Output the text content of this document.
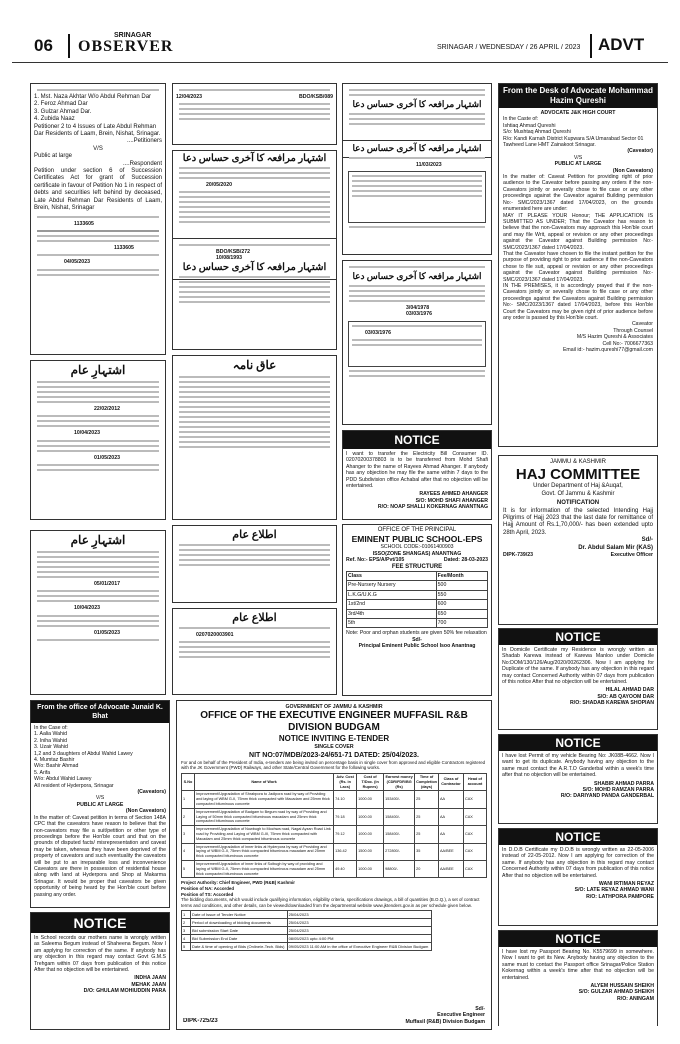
06
SRINAGAR
OBSERVER	SRINAGAR / WEDNESDAY / 26 APRIL / 2023 ADVT
1. Mst. Naza Akhtar W/o Abdul Rehman Dar
2. Feroz Ahmad Dar
3. Gulzar Ahmad Dar.
4. Zubida Naaz
Petitioner 2 to 4 Issues of Late Abdul Rehman Dar Residents of Laam, Brein, Nishat, Srinagar.
....Petitioners
V/S
Public at large
....Respondent
Petition under section 6 of Succession Certificates Act for grant of Succession certificate in favour of Petition No 1 in respect of debts and securities left behind by deceased, Late Abdul Rehman Dar Residents of Laam, Brein, Nishat, Srinagar
1133605
1133605
04/05/2023
اشتہارِ عام
22/02/2012
10/04/2023
01/05/2023
اشتہارِ عام
05/01/2017
10/04/2023
01/05/2023
12/04/2023	BDO/KSB/089
اشتہار مرافعہ کا آخری حساس دعا
20/05/2020
BDO/KSB/272
10/08/1993
اشتہار مرافعہ کا آخری حساس دعا
عاق نامہ
اطلاع عام
اطلاع عام
0207020003901
اشتہار مرافعہ کا آخری حساس دعا
اشتہار مرافعہ کا آخری حساس دعا
11/03/2023
اشتہار مرافعہ کا آخری حساس دعا
3/04/1978
03/03/1976
03/03/1976
NOTICE
I want to transfer the Electricity Bill Consumer ID. 02070200378803 is to be transferred from Mohd Shafi Ahanger to the name of Rayees Ahmad Ahanger. If anybody has any objection he may file the same within 7 days to the PDD Subdivision office Achabal after that no objection will be entertained.
RAYEES AHMED AHANGER
S/O: MOHD SHAFI AHANGER
R/O: NOAP SHALLI KOKERNAG ANANTNAG
OFFICE OF THE PRINCIPAL
EMINENT PUBLIC SCHOOL-EPS
SCHOOL CODE:-01061400903
ISSO(ZONE SHANGAS) ANANTNAG
Ref. No:- EPS/A/Pvt/105	Dated: 28-03-2023
FEE STRUCTURE
Class	Fee/Month
Pre-Nursery Nursery	500
L.K.G/U.K.G	550
1st/2nd	600
3rd/4th	650
5th	700
Note: Poor and orphan students are given 50% fee relaxation
Sd/-
Principal Eminent Public School Isoo Anantnag
From the Desk of Advocate Mohammad Hazim Qureshi
ADVOCATE J&K HIGH COURT
In the Caste of:
Ishtiaq Ahmad Qureshi
S/o: Mushtaq Ahmad Qureshi
R/o: Kandi Karnah District Kupwara S/A Umarabad Sector 01 Tawheed Lane HMT Zainakoot Srinagar.
(Caveator)
V/S
PUBLIC AT LARGE
(Non Caveators)
In the matter of: Caveat Petition for providing right of prior audience to the Caveator before passing any orders if the non-Caveators jointly or severally chose to file case or any other proceedings against the Caveator against Building permission No:- SMC/2023/1367 dated 17/04/2023, on the grounds enumerated here are under:
MAY IT PLEASE YOUR Honour; THE APPLICATION IS SUBMITTED AS UNDER; That the Caveator has reason to believe that the non-Caveators may approach this Hon'ble court and may file Writ, appeal or revision or any other proceedings against the Caveator against Building permission No:- SMC/2023/1367 dated 17/04/2023.
That the Caveator have chosen to file the instant petition for the purpose of providing right to prior audience if the non-Caveators chose to file suit, appeal or revision or any other proceedings against the Caveator against Building permission No:- SMC/2023/1367 dated 17/04/2023.
IN THE PREMISES, it is accordingly prayed that if the non-Caveators jointly or severally chose to file case or any other proceedings against the Caveators against Building permission No:- SMC/2023/1367 dated 17/04/2023, before this Hon'ble Court the Caveators may be given right of prior audience before any order is passed by this Hon'ble court.
Caveator
Through Counsel
M/S Hazim Qureshi & Associates
Cell No:- 7006677363
Email id:- hazim.qureshi77@gmail.com
JAMMU & KASHMIR
HAJ COMMITTEE
Under Department of Haj &Auqaf,
Govt. Of Jammu & Kashmir
NOTIFICATION
It is for information of the selected Intending Hajj Pilgrims of Hajj 2023 that the last date for remittance of Hajj Amount of Rs.1,70,000/- has been extended upto 28th April, 2023.
Sd/-
Dr. Abdul Salam Mir (KAS)
DIPK-739/23	Executive Officer
NOTICE
In Domicile Certificate my Residence is wrongly written as Shadab Karewa instead of Karewa Manloo under Domicile No:DOM/130/126/Aug/2020/00262306. Now I am applying for Duplicate of the same. If anybody has any objection in this regard may contact Concerned Authority within 07 days from publication of this notice After that no objection will be entertained.
HILAL AHMAD DAR
S/O: AB QAYOOM DAR
R/O: SHADAB KAREWA SHOPIAN
NOTICE
I have lost Permit of my vehicle Bearing No: JK08B-4662. Now I want to get its duplicate. Anybody having any objection to the same must contact the A.R.T.O Ganderbal within a week's time after that no objection will be entertained.
SHABIR AHMAD PARRA
S/O: MOHD RAMZAN PARRA
R/O: DARIYAND PANDA GANDERBAL
NOTICE
In D.O.B Certificate my D.O.B is wrongly written as 22-05-2006 instead of 22-05-2012. Now I am applying for correction of the same. If anybody has any objection in this regard may contact Concerned Authority within 07 days from publication of this notice After that no objection will be entertained.
WANI IRTIMAN REYAZ
S/O: LATE REYAZ AHMAD WANI
R/O: LATHPORA PAMPORE
NOTICE
I have lost my Passport Bearing No. K5579699 in somewhere. Now I want to get its New. Anybody having any objection to the same must to contact the Passport office Srinagar/Police Station Kokernag within a week's time after that no objection will be entertained.
ALYEM HUSSAIN SHEIKH
S/O: GULZAR AHMAD SHEIKH
R/O: ANINGAM
From the office of Advocate Junaid K. Bhat
In the Case of:
1. Aalia Wahid
2. Iniha Wahid
3. Uzair Wahid
1,2 and 3 daughters of Abdul Wahid Lawey
4. Mumtaz Bashir
W/o: Bashir Ahmad
5. Arifa
W/o: Abdul Wahid Lawey
All resident of Hyderpora, Srinagar
(Caveators)
V/S
PUBLIC AT LARGE
(Non Caveators)
In the matter of: Caveat petition in terms of Section 148A CPC that the caveators have reason to believe that the non-caveators may file a suit/petition or other type of proceedings before the Hon'ble court and that on the grounds of disputed facts/ misrepresentation and caveat may be taken, whereas they have been deprived of the property of caveators and such eventuality the caveators will be put to an irreparable loss and inconvenience Caveators are there in possession of residential house along with land at Hyderpora and Shop at Makarma Srinagar. It would be proper that caveators be given opportunity of being heard by the Hon'ble court before passing any order.
NOTICE
In School records our mothers name is wrongly written as Saleema Begum instead of Shaheena Begum. Now I am applying for correction of the same. If anybody has any objection in this regard may contact Govt G.M.S Trehgam within 07 days from publication of this notice After that no objection will be entertained.
INDHA JAAN
MEHAK JAAN
D/O: GHULAM MOHIUDDIN PARA
GOVERNMENT OF JAMMU & KASHMIR
OFFICE OF THE EXECUTIVE ENGINEER MUFFASIL R&B DIVISION BUDGAM
NOTICE INVITING E-TENDER
SINGLE COVER
NIT NO:07/MDB/2023-24/651-71 DATED: 25/04/2023.
For and on behalf of the President of India, e-tenders are being invited on percentage basis in single cover from approved and eligible Contractors registered with the JK Government (PWD) Railways, and other State/Central Government for the following works.
S.No	Name of Work	Adv. Cost (Rs. in Lacs)	Cost of T/Doc. (in Rupees)	Earnest money (CDR/FDR/BG (Rs)	Time of Completion (days)	Class of Contractor	Head of account
1	Improvement/Upgradation of Shrabpora to Jadipora road by way of Providing and laying of WBM G-II, 75mm thick compacted with Macadam and 25mm thick compacted bituminous concrete	74.10	1000.00	153400/-	25	AA	CAX
2	Improvement/Upgradation of Badgam to Begum road by way of Providing and Laying of 50mm thick compacted bituminous macadam and 25mm thick compacted bituminous concrete	79.18	1000.00	158400/-	25	AA	CAX
3	Improvement/Upgradation of Nowbugh to Mochwa road, Nagal Ayzan Road Link road by Providing and Laying of WBM G-III, 75mm thick compacted with Macadam and 25mm thick compacted bituminous concrete	79.12	1000.00	158400/-	25	AA	CAX
4	Improvement/Upgradation of inner links at Hyderpora by way of Providing and laying of WBM G-II, 75mm thick compacted bituminous macadam and 25mm thick compacted bituminous concrete	136.42	1500.00	272800/-	35	AA/BEE	CAX
5	Improvement/Upgradation of inner links of Soibugh by way of providing and laying of WBM G-II, 75mm thick compacted bituminous macadam and 25mm thick compacted bituminous concrete	49.40	1000.00	98800/-	20	AA/BEE	CAX
Project Authority: Chief Engineer, PWD (R&B) Kashmir
Position of NA: Accorded
Position of TS: Accorded
The bidding documents, which would include qualifying information, eligibility criteria, specifications drawings, a bill of quantities (B.O.Q.), a set of contract terms and conditions, and other details, can be viewed/downloaded from the departmental website www.jktenders.gov.in as per schedule given below.
1	Date of Issue of Tender Notice	25/04/2023
2	Period of downloading of bidding documents	25/04/2023
3	Bid submission Start Date	25/04/2023
4	Bid Submission End Date	08/05/2023 upto 4:00 PM
5	Date & time of opening of Bids (Online/e-Tech. Bids)	09/05/2023 11:00 AM in the office of Executive Engineer R&B Division Budgam
Sd/-
Executive Engineer
Muffasil (R&B) Division Budgam
DIPK-725/23
